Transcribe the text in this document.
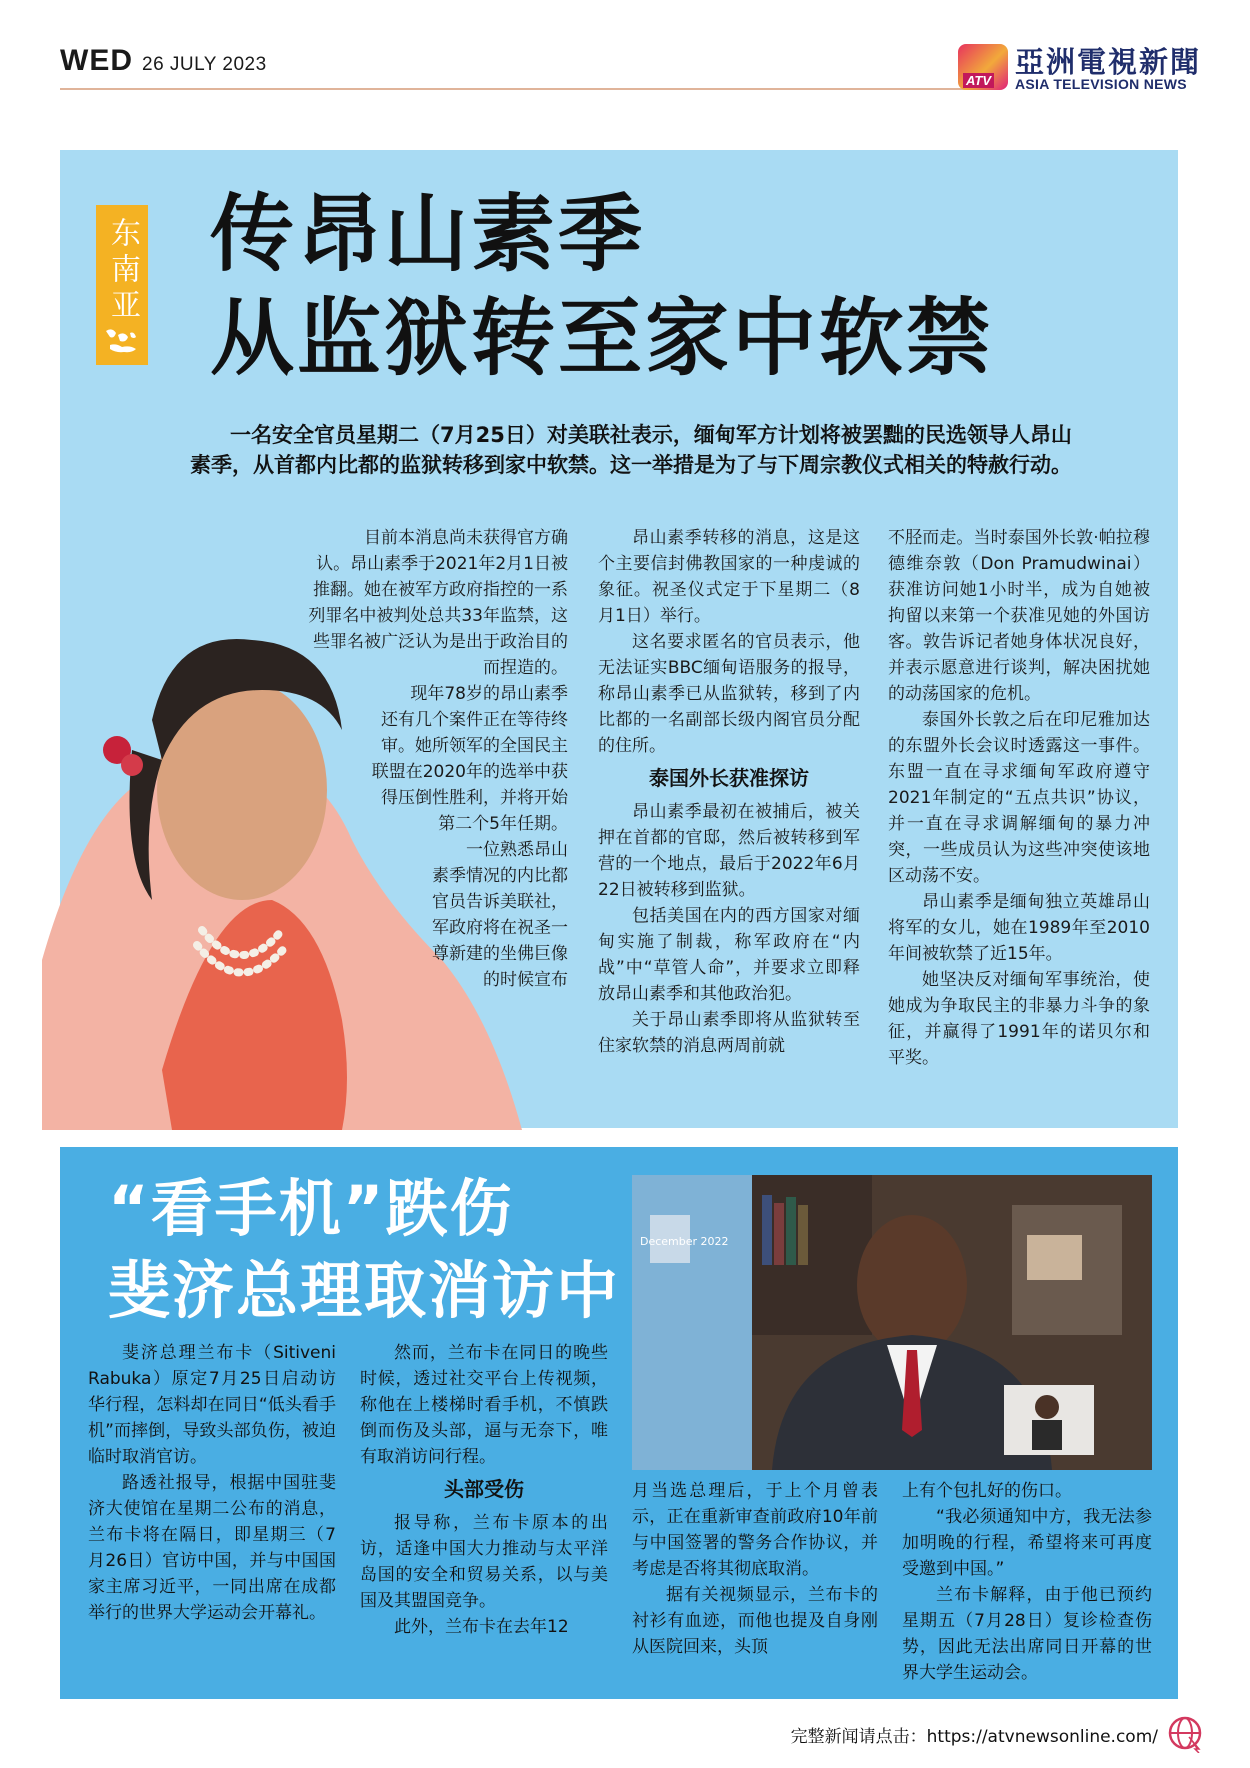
WED 26 JULY 2023
ATV
亞洲電視新聞
ASIA TELEVISION NEWS
东南亚 传昂山素季
从监狱转至家中软禁
一名安全官员星期二（7月25日）对美联社表示，缅甸军方计划将被罢黜的民选领导人昂山素季，从首都内比都的监狱转移到家中软禁。这一举措是为了与下周宗教仪式相关的特赦行动。

目前本消息尚未获得官方确认。昂山素季于2021年2月1日被推翻。她在被军方政府指控的一系列罪名中被判处总共33年监禁，这些罪名被广泛认为是出于政治目的而捏造的。

现年78岁的昂山素季还有几个案件正在等待终审。她所领军的全国民主联盟在2020年的选举中获得压倒性胜利，并将开始第二个5年任期。

一位熟悉昂山素季情况的内比都官员告诉美联社，军政府将在祝圣一尊新建的坐佛巨像的时候宣布

昂山素季转移的消息，这是这个主要信封佛教国家的一种虔诚的象征。祝圣仪式定于下星期二（8月1日）举行。

这名要求匿名的官员表示，他无法证实BBC缅甸语服务的报导，称昂山素季已从监狱转，移到了内比都的一名副部长级内阁官员分配的住所。

泰国外长获准探访

昂山素季最初在被捕后，被关押在首都的官邸，然后被转移到军营的一个地点，最后于2022年6月22日被转移到监狱。

包括美国在内的西方国家对缅甸实施了制裁，称军政府在“内战”中“草管人命”，并要求立即释放昂山素季和其他政治犯。

关于昂山素季即将从监狱转至住家软禁的消息两周前就

不胫而走。当时泰国外长敦·帕拉穆德维奈敦（Don Pramudwinai）获准访问她1小时半，成为自她被拘留以来第一个获准见她的外国访客。敦告诉记者她身体状况良好，并表示愿意进行谈判，解决困扰她的动荡国家的危机。

泰国外长敦之后在印尼雅加达的东盟外长会议时透露这一事件。东盟一直在寻求缅甸军政府遵守2021年制定的“五点共识”协议，并一直在寻求调解缅甸的暴力冲突，一些成员认为这些冲突使该地区动荡不安。

昂山素季是缅甸独立英雄昂山将军的女儿，她在1989年至2010年间被软禁了近15年。

她坚决反对缅甸军事统治，使她成为争取民主的非暴力斗争的象征，并赢得了1991年的诺贝尔和平奖。

“看手机”跌伤
斐济总理取消访中
December 2022

斐济总理兰布卡（Sitiveni Rabuka）原定7月25日启动访华行程，怎料却在同日“低头看手机”而摔倒，导致头部负伤，被迫临时取消官访。

路透社报导，根据中国驻斐济大使馆在星期二公布的消息，兰布卡将在隔日，即星期三（7月26日）官访中国，并与中国国家主席习近平，一同出席在成都举行的世界大学运动会开幕礼。

然而，兰布卡在同日的晚些时候，透过社交平台上传视频，称他在上楼梯时看手机，不慎跌倒而伤及头部，逼与无奈下，唯有取消访问行程。

头部受伤

报导称，兰布卡原本的出访，适逢中国大力推动与太平洋岛国的安全和贸易关系，以与美国及其盟国竞争。

此外，兰布卡在去年12

月当选总理后，于上个月曾表示，正在重新审查前政府10年前与中国签署的警务合作协议，并考虑是否将其彻底取消。

据有关视频显示，兰布卡的衬衫有血迹，而他也提及自身刚从医院回来，头顶

上有个包扎好的伤口。

“我必须通知中方，我无法参加明晚的行程，希望将来可再度受邀到中国。”

兰布卡解释，由于他已预约星期五（7月28日）复诊检查伤势，因此无法出席同日开幕的世界大学生运动会。

完整新闻请点击：https://atvnewsonline.com/
